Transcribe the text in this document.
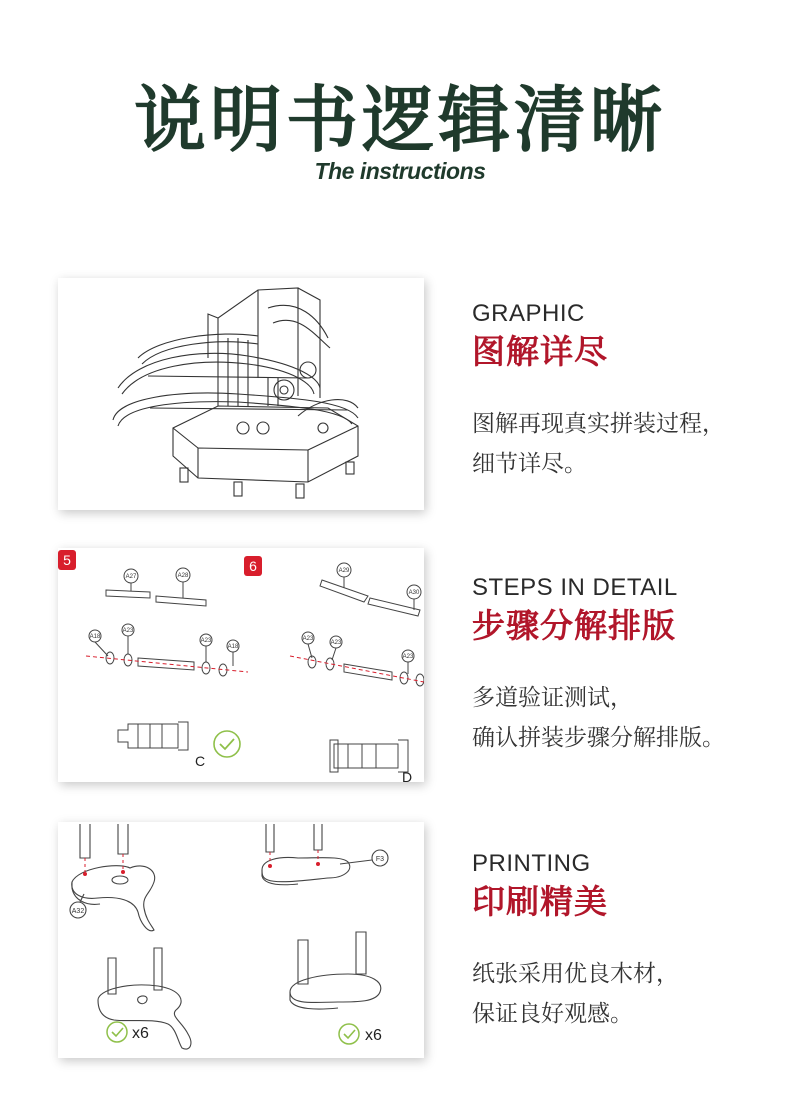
说明书逻辑清晰
The instructions
GRAPHIC
图解详尽
图解再现真实拼装过程，
细节详尽。
5	6
A27	A28
A18
A23
A23
A18
A29
A30
A23
A23
A23
C
D
STEPS IN DETAIL
步骤分解排版
多道验证测试，
确认拼装步骤分解排版。
A32
F3
x6	x6
PRINTING
印刷精美
纸张采用优良木材，
保证良好观感。
